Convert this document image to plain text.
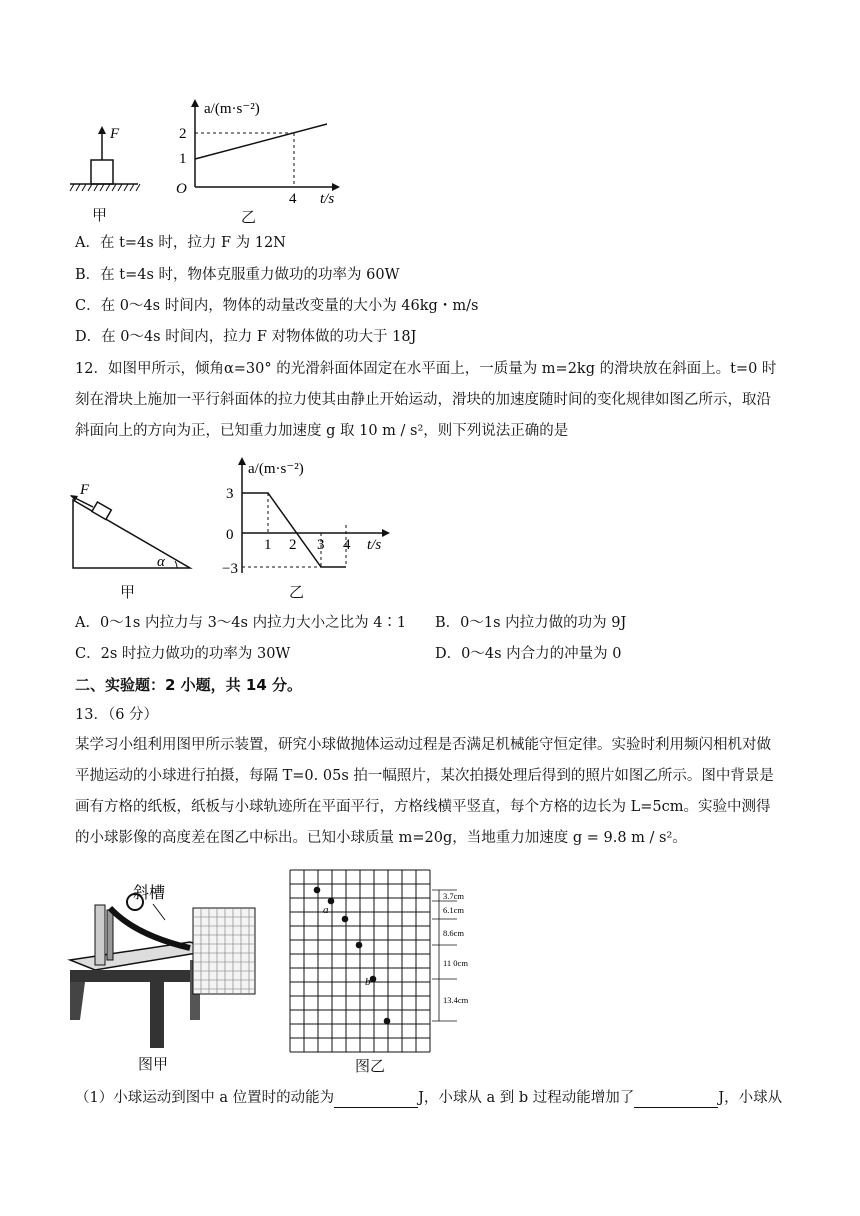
F
甲
a/(m·s⁻²)
O
1
2
4 t/s
乙
A．在 t=4s 时，拉力 F 为 12N
B．在 t=4s 时，物体克服重力做功的功率为 60W
C．在 0～4s 时间内，物体的动量改变量的大小为 46kg・m/s
D．在 0～4s 时间内，拉力 F 对物体做的功大于 18J
12．如图甲所示，倾角α=30° 的光滑斜面体固定在水平面上，一质量为 m=2kg 的滑块放在斜面上。t=0 时
刻在滑块上施加一平行斜面体的拉力使其由静止开始运动，滑块的加速度随时间的变化规律如图乙所示，取沿
斜面向上的方向为正，已知重力加速度 g 取 10 m / s²，则下列说法正确的是
F
α
甲
a/(m·s⁻²)
3
0
−3
1 2 3 4 t/s
乙
A．0～1s 内拉力与 3～4s 内拉力大小之比为 4∶1 B．0～1s 内拉力做的功为 9J
C．2s 时拉力做功的功率为 30W	D．0～4s 内合力的冲量为 0
二、实验题：2 小题，共 14 分。
13．（6 分）
某学习小组利用图甲所示装置，研究小球做抛体运动过程是否满足机械能守恒定律。实验时利用频闪相机对做
平抛运动的小球进行拍摄，每隔 T=0. 05s 拍一幅照片，某次拍摄处理后得到的照片如图乙所示。图中背景是
画有方格的纸板，纸板与小球轨迹所在平面平行，方格线横平竖直，每个方格的边长为 L=5cm。实验中测得
的小球影像的高度差在图乙中标出。已知小球质量 m=20g，当地重力加速度 g = 9.8 m / s²。
斜槽
图甲
a
b
3.7cm
6.1cm
8.6cm
11 0cm
13.4cm
图乙
（1）小球运动到图中 a 位置时的动能为	J，小球从 a 到 b 过程动能增加了	J，小球从
